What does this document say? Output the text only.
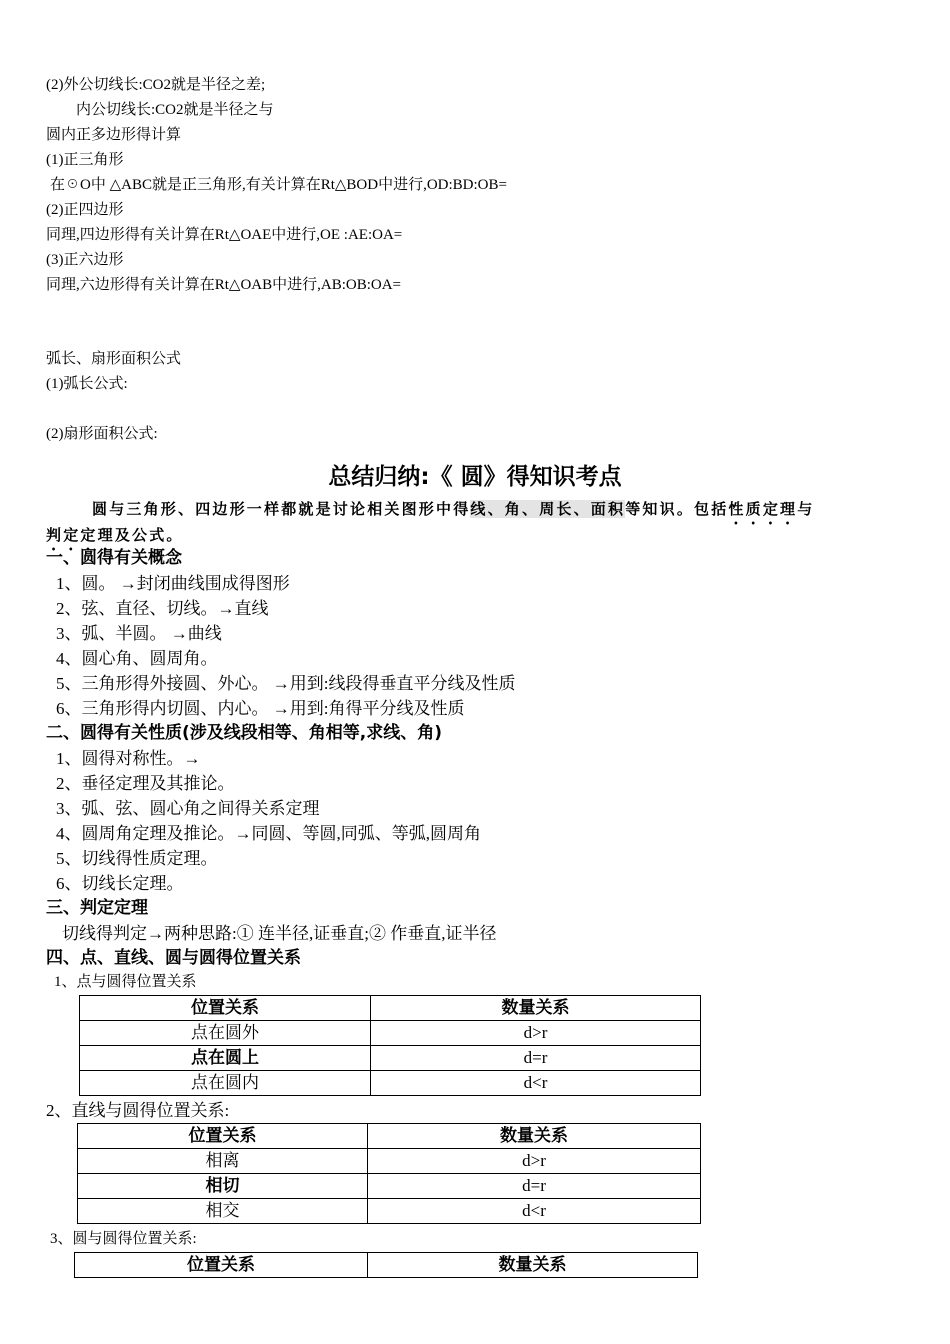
(2)外公切线长:CO2就是半径之差;
内公切线长:CO2就是半径之与
圆内正多边形得计算
(1)正三角形
在☉O中 △ABC就是正三角形,有关计算在Rt△BOD中进行,OD:BD:OB=
(2)正四边形
同理,四边形得有关计算在Rt△OAE中进行,OE :AE:OA=
(3)正六边形
同理,六边形得有关计算在Rt△OAB中进行,AB:OB:OA=
弧长、扇形面积公式
(1)弧长公式:
(2)扇形面积公式:
总结归纳:《 圆》得知识考点
圆与三角形、四边形一样都就是讨论相关图形中得线、角、周长、面积等知识。包括性质定理与
判定定理及公式。
一、圆得有关概念
1、圆。 →封闭曲线围成得图形
2、弦、直径、切线。→直线
3、弧、半圆。 →曲线
4、圆心角、圆周角。
5、三角形得外接圆、外心。 →用到:线段得垂直平分线及性质
6、三角形得内切圆、内心。 →用到:角得平分线及性质
二、圆得有关性质(涉及线段相等、角相等,求线、角)
1、圆得对称性。→
2、垂径定理及其推论。
3、弧、弦、圆心角之间得关系定理
4、圆周角定理及推论。→同圆、等圆,同弧、等弧,圆周角
5、切线得性质定理。
6、切线长定理。
三、判定定理
切线得判定→两种思路:① 连半径,证垂直;② 作垂直,证半径
四、点、直线、圆与圆得位置关系
1、点与圆得位置关系
位置关系	数量关系
点在圆外	d>r
点在圆上	d=r
点在圆内	d<r
2、直线与圆得位置关系:
位置关系	数量关系
相离	d>r
相切	d=r
相交	d<r
3、圆与圆得位置关系:
位置关系	数量关系
